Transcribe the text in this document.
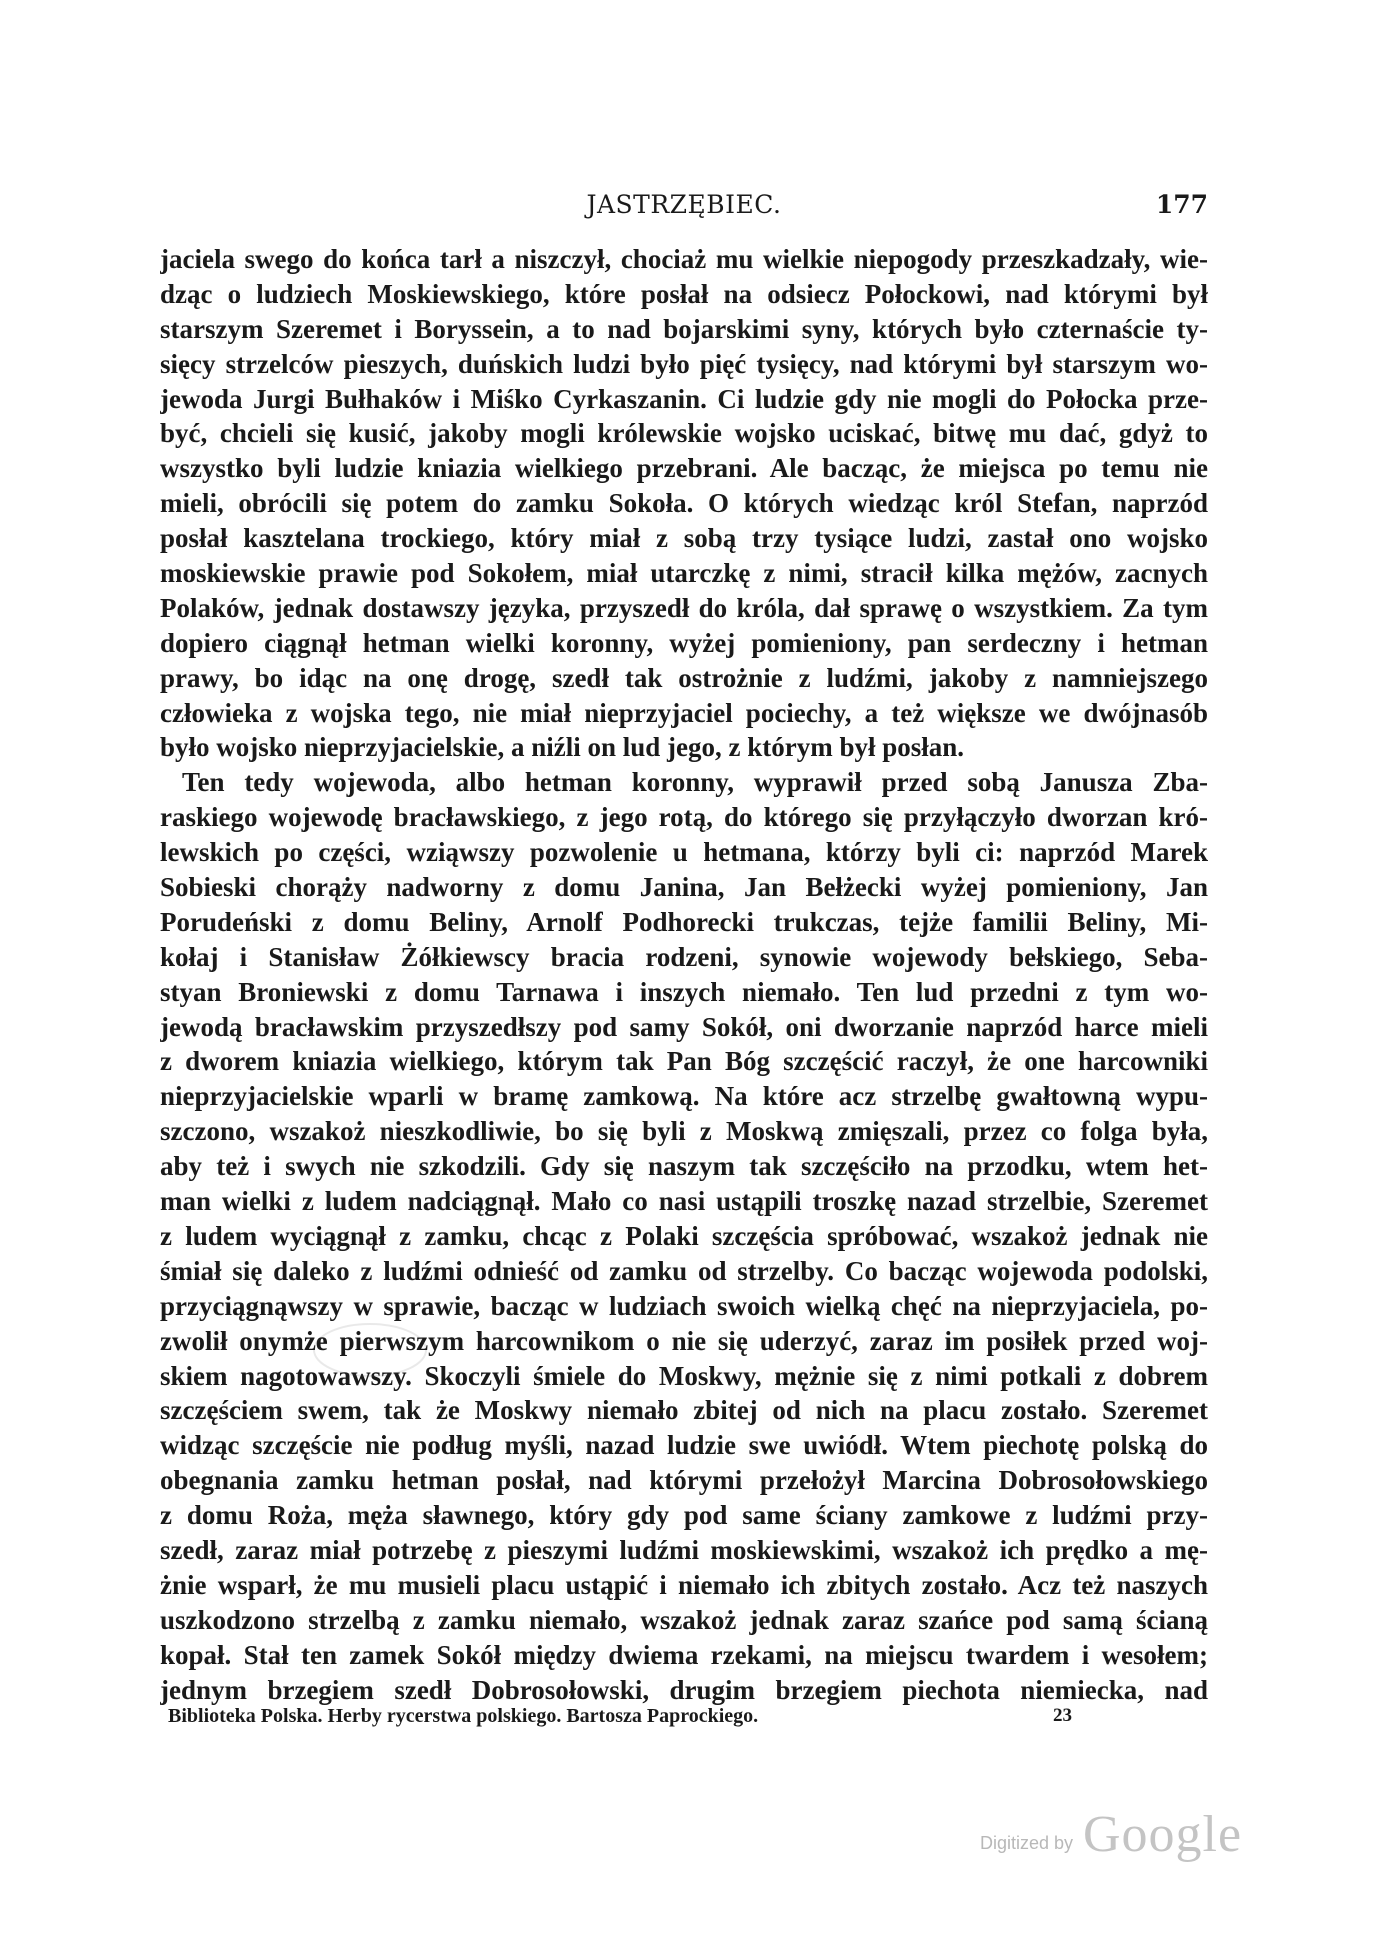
JASTRZĘBIEC.	177
jaciela swego do końca tarł a niszczył, chociaż mu wielkie niepogody przeszkadzały, wie-
dząc o ludziech Moskiewskiego, które posłał na odsiecz Połockowi, nad którymi był
starszym Szeremet i Boryssein, a to nad bojarskimi syny, których było czternaście ty-
sięcy strzelców pieszych, duńskich ludzi było pięć tysięcy, nad którymi był starszym wo-
jewoda Jurgi Bułhaków i Miśko Cyrkaszanin. Ci ludzie gdy nie mogli do Połocka prze-
być, chcieli się kusić, jakoby mogli królewskie wojsko uciskać, bitwę mu dać, gdyż to
wszystko byli ludzie kniazia wielkiego przebrani. Ale bacząc, że miejsca po temu nie
mieli, obrócili się potem do zamku Sokoła. O których wiedząc król Stefan, naprzód
posłał kasztelana trockiego, który miał z sobą trzy tysiące ludzi, zastał ono wojsko
moskiewskie prawie pod Sokołem, miał utarczkę z nimi, stracił kilka mężów, zacnych
Polaków, jednak dostawszy języka, przyszedł do króla, dał sprawę o wszystkiem. Za tym
dopiero ciągnął hetman wielki koronny, wyżej pomieniony, pan serdeczny i hetman
prawy, bo idąc na onę drogę, szedł tak ostrożnie z ludźmi, jakoby z namniejszego
człowieka z wojska tego, nie miał nieprzyjaciel pociechy, a też większe we dwójnasób
było wojsko nieprzyjacielskie, a niźli on lud jego, z którym był posłan.
Ten tedy wojewoda, albo hetman koronny, wyprawił przed sobą Janusza Zba-
raskiego wojewodę bracławskiego, z jego rotą, do którego się przyłączyło dworzan kró-
lewskich po części, wziąwszy pozwolenie u hetmana, którzy byli ci: naprzód Marek
Sobieski chorąży nadworny z domu Janina, Jan Bełżecki wyżej pomieniony, Jan
Porudeński z domu Beliny, Arnolf Podhorecki trukczas, tejże familii Beliny, Mi-
kołaj i Stanisław Żółkiewscy bracia rodzeni, synowie wojewody bełskiego, Seba-
styan Broniewski z domu Tarnawa i inszych niemało. Ten lud przedni z tym wo-
jewodą bracławskim przyszedłszy pod samy Sokół, oni dworzanie naprzód harce mieli
z dworem kniazia wielkiego, którym tak Pan Bóg szczęścić raczył, że one harcowniki
nieprzyjacielskie wparli w bramę zamkową. Na które acz strzelbę gwałtowną wypu-
szczono, wszakoż nieszkodliwie, bo się byli z Moskwą zmięszali, przez co folga była,
aby też i swych nie szkodzili. Gdy się naszym tak szczęściło na przodku, wtem het-
man wielki z ludem nadciągnął. Mało co nasi ustąpili troszkę nazad strzelbie, Szeremet
z ludem wyciągnął z zamku, chcąc z Polaki szczęścia spróbować, wszakoż jednak nie
śmiał się daleko z ludźmi odnieść od zamku od strzelby. Co bacząc wojewoda podolski,
przyciągnąwszy w sprawie, bacząc w ludziach swoich wielką chęć na nieprzyjaciela, po-
zwolił onymże pierwszym harcownikom o nie się uderzyć, zaraz im posiłek przed woj-
skiem nagotowawszy. Skoczyli śmiele do Moskwy, mężnie się z nimi potkali z dobrem
szczęściem swem, tak że Moskwy niemało zbitej od nich na placu zostało. Szeremet
widząc szczęście nie podług myśli, nazad ludzie swe uwiódł. Wtem piechotę polską do
obegnania zamku hetman posłał, nad którymi przełożył Marcina Dobrosołowskiego
z domu Roża, męża sławnego, który gdy pod same ściany zamkowe z ludźmi przy-
szedł, zaraz miał potrzebę z pieszymi ludźmi moskiewskimi, wszakoż ich prędko a mę-
żnie wsparł, że mu musieli placu ustąpić i niemało ich zbitych zostało. Acz też naszych
uszkodzono strzelbą z zamku niemało, wszakoż jednak zaraz szańce pod samą ścianą
kopał. Stał ten zamek Sokół między dwiema rzekami, na miejscu twardem i wesołem;
jednym brzegiem szedł Dobrosołowski, drugim brzegiem piechota niemiecka, nad
Biblioteka Polska. Herby rycerstwa polskiego. Bartosza Paprockiego.	23
Digitized by Google
